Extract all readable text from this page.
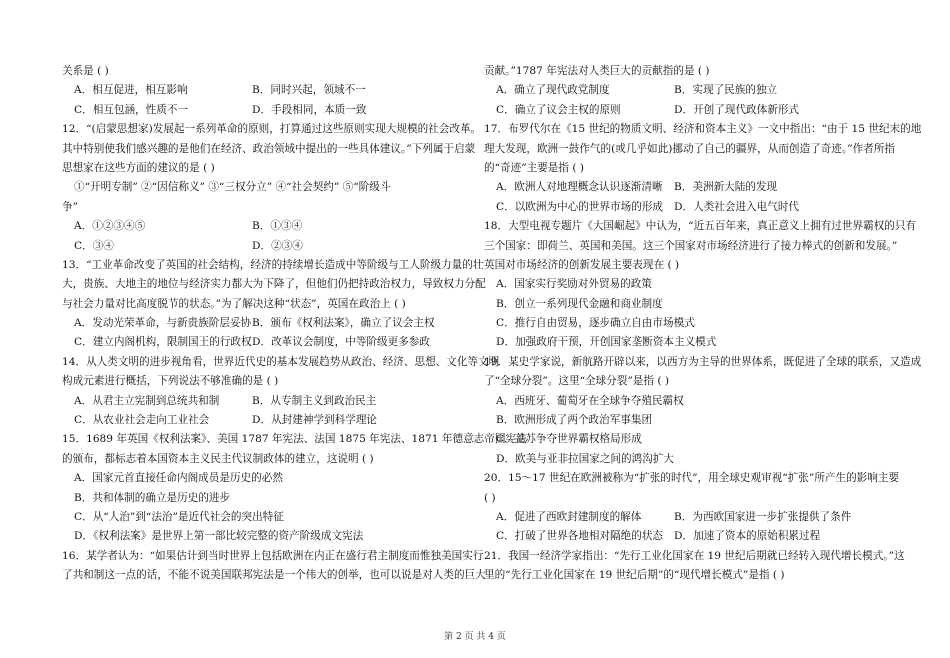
关系是 ( )
A．相互促进，相互影响	B．同时兴起，领域不一
C．相互包涵，性质不一	D．手段相同，本质一致
12．“(启蒙思想家)发展起一系列革命的原则，打算通过这些原则实现大规模的社会改革。
其中特别使我们感兴趣的是他们在经济、政治领域中提出的一些具体建议。”下列属于启蒙
思想家在这些方面的建议的是 ( )
①“开明专制” ②“因信称义” ③“三权分立” ④“社会契约” ⑤“阶级斗
争”
A．①②③④⑤	B．①③④
C．③④	D．②③④
13．“工业革命改变了英国的社会结构，经济的持续增长造成中等阶级与工人阶级力量的壮
大，贵族、大地主的地位与经济实力都大为下降了，但他们仍把持政治权力，导致权力分配
与社会力量对比高度脱节的状态。”为了解决这种“状态”，英国在政治上 ( )
A．发动光荣革命，与新贵族阶层妥协 B．颁布《权利法案》，确立了议会主权
C．建立内阁机构，限制国王的行政权 D．改革议会制度，中等阶级更多参政
14．从人类文明的进步视角看，世界近代史的基本发展趋势从政治、经济、思想、文化等文明
构成元素进行概括，下列说法不够准确的是 ( )
A．从君主立宪制到总统共和制	B．从专制主义到政治民主
C．从农业社会走向工业社会	D．从封建神学到科学理论
15．1689 年英国《权利法案》、美国 1787 年宪法、法国 1875 年宪法、1871 年德意志帝国宪法
的颁布，都标志着本国资本主义民主代议制政体的建立，这说明 ( )
A．国家元首直接任命内阁成员是历史的必然
B．共和体制的确立是历史的进步
C．从“人治”到“法治”是近代社会的突出特征
D．《权利法案》是世界上第一部比较完整的资产阶级成文宪法
16．某学者认为：“如果估计到当时世界上包括欧洲在内正在盛行君主制度而惟独美国实行
了共和制这一点的话，不能不说美国联邦宪法是一个伟大的创举，也可以说是对人类的巨大
贡献。”1787 年宪法对人类巨大的贡献指的是 ( )
A．确立了现代政党制度	B．实现了民族的独立
C．确立了议会主权的原则	D．开创了现代政体新形式
17．布罗代尔在《15 世纪的物质文明、经济和资本主义》一文中指出：“由于 15 世纪末的地
理大发现，欧洲一鼓作气的(或几乎如此)挪动了自己的疆界，从而创造了奇迹。”作者所指
的“奇迹”主要是指 ( )
A．欧洲人对地理概念认识逐渐清晰	B．美洲新大陆的发现
C．以欧洲为中心的世界市场的形成	D．人类社会进入电气时代
18．大型电视专题片《大国崛起》中认为，“近五百年来，真正意义上拥有过世界霸权的只有
三个国家：即荷兰、英国和美国。这三个国家对市场经济进行了接力棒式的创新和发展。”
英国对市场经济的创新发展主要表现在 ( )
A．国家实行奖励对外贸易的政策
B．创立一系列现代金融和商业制度
C．推行自由贸易，逐步确立自由市场模式
D．加强政府干预，开创国家垄断资本主义模式
19．某史学家说，新航路开辟以来，以西方为主导的世界体系，既促进了全球的联系，又造成
了“全球分裂”。这里“全球分裂”是指 ( )
A．西班牙、葡萄牙在全球争夺殖民霸权
B．欧洲形成了两个政治军事集团
C．美苏争夺世界霸权格局形成
D．欧美与亚非拉国家之间的鸿沟扩大
20．15～17 世纪在欧洲被称为“扩张的时代”，用全球史观审视“扩张”所产生的影响主要
( )
A．促进了西欧封建制度的解体	B．为西欧国家进一步扩张提供了条件
C．打破了世界各地相对隔绝的状态	D．加速了资本的原始积累过程
21．我国一经济学家指出：“先行工业化国家在 19 世纪后期就已经转入现代增长模式。”这
里的“先行工业化国家在 19 世纪后期”的“现代增长模式”是指 ( )
第 2 页 共 4 页
